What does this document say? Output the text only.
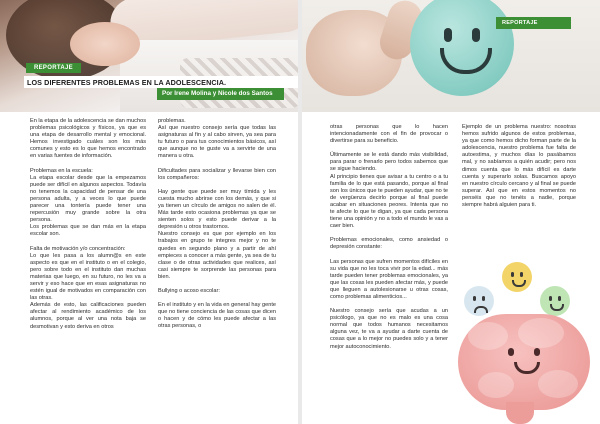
REPORTAJE
LOS DIFERENTES PROBLEMAS EN LA ADOLESCENCIA.
Por Irene Molina y Nicole dos Santos

En la etapa de la adolescencia se dan muchos problemas psicológicos y físicos, ya que es una etapa de desarrollo mental y emocional. Hemos investigado cuáles son los más comunes y esto es lo que hemos encontrado en varias fuentes de información.

Problemas en la escuela:
La etapa escolar desde que la empezamos puede ser difícil en algunos aspectos. Todavía no tenemos la capacidad de pensar de una persona adulta, y a veces lo que puede parecer una tontería puede tener una repercusión muy grande sobre la otra persona.
Los problemas que se dan más en la etapa escolar son.

Falta de motivación y/o concentración:
Lo que les pasa a los alumn@s en este aspecto es que en el instituto o en el colegio, pero sobre todo en el instituto dan muchas materias que luego, en su futuro, no les va a servir y eso hace que en esas asignaturas no estén igual de motivados en comparación con las otras.
Además de esto, las calificaciones pueden afectar al rendimiento académico de los alumnos, porque al ver una nota baja se desmotivan y esto deriva en otros

problemas.
Así que nuestro consejo sería que todas las asignaturas al fin y al cabo sirven, ya sea para tu futuro o para tus conocimientos básicos, así que aunque no te guste va a servirte de una manera u otra.

Dificultades para socializar y llevarse bien con los compañeros:

Hay gente que puede ser muy tímida y les cuesta mucho abrirse con los demás, y que si ya tienen un círculo de amigos no salen de él. Más tarde esto ocasiona problemas ya que se sienten solos y esto puede derivar a la depresión u otros trastornos.
Nuestro consejo es que por ejemplo en los trabajos en grupo te integres mejor y no te quedes en segundo plano y a partir de ahí empieces a conocer a más gente, ya sea de tu clase o de otras actividades que realices, así casi siempre te sorprende las personas para bien.

Bullying o acoso escolar:

En el instituto y en la vida en general hay gente que no tiene conciencia de las cosas que dicen o hacen y de cómo les puede afectar a las otras personas, o

REPORTAJE

otras personas que lo hacen intencionadamente con el fin de provocar o divertirse para su beneficio.

Últimamente se le está dando más visibilidad, para parar o frenarlo pero todos sabemos que se sigue haciendo.
Al principio tienes que avisar a tu centro o a tu familia de lo que está pasando, porque al final son los únicos que te pueden ayudar, que no te de vergüenza decirlo porque al final puede acabar en situaciones peores. Intenta que no te afecte lo que te digan, ya que cada persona tiene una opinión y no a todo el mundo le vas a caer bien.

Problemas emocionales, como ansiedad o depresión constante:

Las personas que sufren momentos difíciles en su vida que no les toca vivir por la edad... más tarde pueden tener problemas emocionales, ya que las cosas les pueden afectar más, y puede que lleguen a autolesionarse u otras cosas, como problemas alimenticios...

Nuestro consejo sería que acudas a un psicólogo, ya que no es malo es una cosa normal que todos humanos necesitamos alguna vez, te va a ayudar a darte cuenta de cosas que a lo mejor no puedes solo y a tener mejor autoconocimiento.

Ejemplo de un problema nuestro: nosotras hemos sufrido algunos de estos problemas, ya que como hemos dicho forman parte de la adolescencia, nuestro problema fue falta de autoestima, y muchos días lo pasábamos mal, y no sabíamos a quién acudir; pero nos dimos cuenta que lo más difícil es darte cuenta y superarlo solas. Buscamos apoyo en nuestro círculo cercano y al final se puede superar. Así que en estos momentos no penséis que no tenéis a nadie, porque siempre habrá alguien para ti.
